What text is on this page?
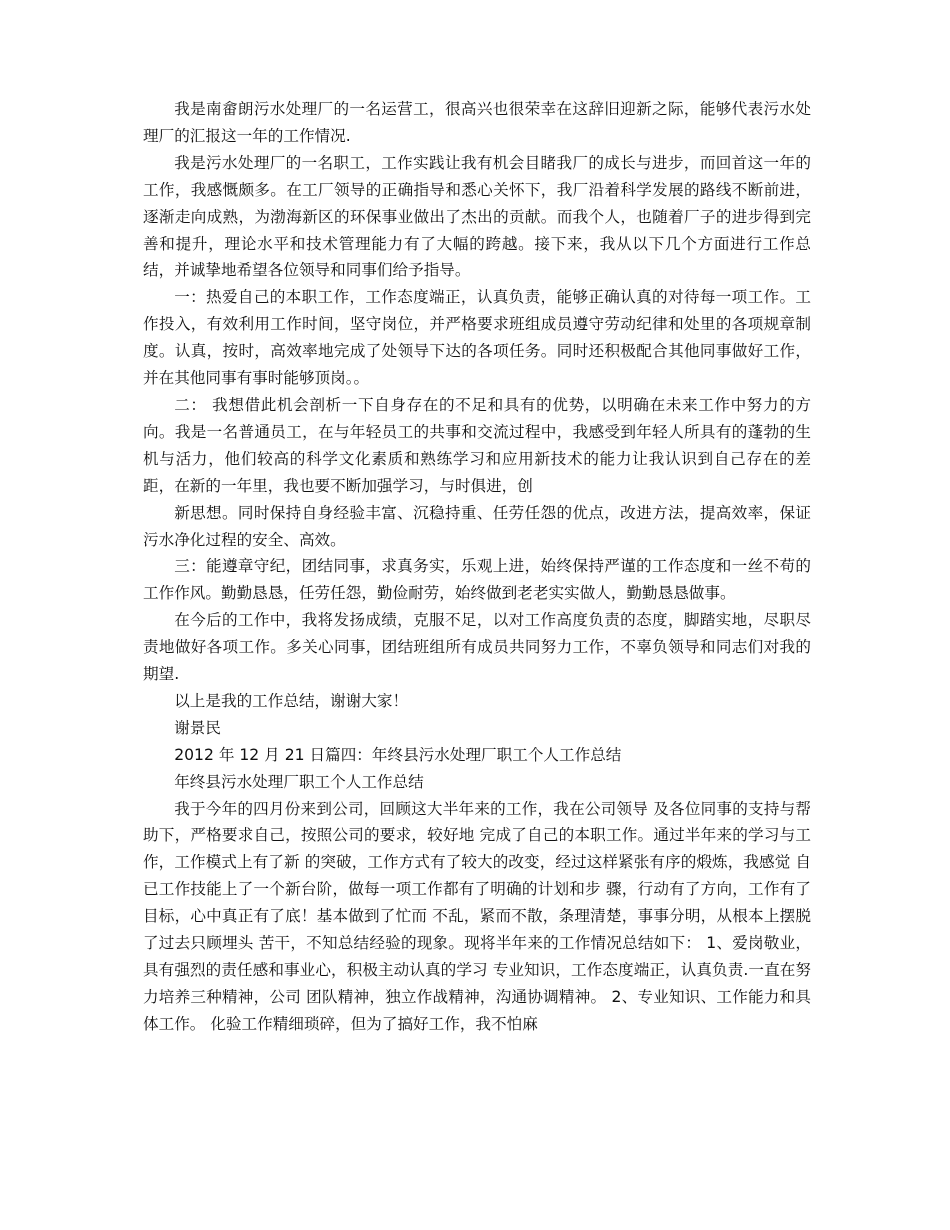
我是南畲朗污水处理厂的一名运营工，很高兴也很荣幸在这辞旧迎新之际，能够代表污水处理厂的汇报这一年的工作情况.

我是污水处理厂的一名职工，工作实践让我有机会目睹我厂的成长与进步，而回首这一年的工作，我感慨颇多。在工厂领导的正确指导和悉心关怀下，我厂沿着科学发展的路线不断前进，逐渐走向成熟，为渤海新区的环保事业做出了杰出的贡献。而我个人，也随着厂子的进步得到完善和提升，理论水平和技术管理能力有了大幅的跨越。接下来，我从以下几个方面进行工作总结，并诚挚地希望各位领导和同事们给予指导。

一：热爱自己的本职工作，工作态度端正，认真负责，能够正确认真的对待每一项工作。工作投入，有效利用工作时间，坚守岗位，并严格要求班组成员遵守劳动纪律和处里的各项规章制度。认真，按时，高效率地完成了处领导下达的各项任务。同时还积极配合其他同事做好工作，并在其他同事有事时能够顶岗。。

二： 我想借此机会剖析一下自身存在的不足和具有的优势，以明确在未来工作中努力的方向。我是一名普通员工，在与年轻员工的共事和交流过程中，我感受到年轻人所具有的蓬勃的生机与活力，他们较高的科学文化素质和熟练学习和应用新技术的能力让我认识到自己存在的差距，在新的一年里，我也要不断加强学习，与时俱进，创

新思想。同时保持自身经验丰富、沉稳持重、任劳任怨的优点，改进方法，提高效率，保证污水净化过程的安全、高效。

三：能遵章守纪，团结同事，求真务实，乐观上进，始终保持严谨的工作态度和一丝不苟的工作作风。勤勤恳恳，任劳任怨，勤俭耐劳，始终做到老老实实做人，勤勤恳恳做事。

在今后的工作中，我将发扬成绩，克服不足，以对工作高度负责的态度，脚踏实地，尽职尽责地做好各项工作。多关心同事，团结班组所有成员共同努力工作，不辜负领导和同志们对我的期望.

以上是我的工作总结，谢谢大家！

谢景民

2012 年 12 月 21 日篇四：年终县污水处理厂职工个人工作总结

年终县污水处理厂职工个人工作总结

我于今年的四月份来到公司，回顾这大半年来的工作，我在公司领导 及各位同事的支持与帮助下，严格要求自己，按照公司的要求，较好地 完成了自己的本职工作。通过半年来的学习与工作，工作模式上有了新 的突破，工作方式有了较大的改变，经过这样紧张有序的煅炼，我感觉 自已工作技能上了一个新台阶，做每一项工作都有了明确的计划和步 骤，行动有了方向，工作有了目标，心中真正有了底！基本做到了忙而 不乱，紧而不散，条理清楚，事事分明，从根本上摆脱了过去只顾埋头 苦干，不知总结经验的现象。现将半年来的工作情况总结如下： 1、爱岗敬业，具有强烈的责任感和事业心，积极主动认真的学习 专业知识，工作态度端正，认真负责.一直在努力培养三种精神，公司 团队精神，独立作战精神，沟通协调精神。 2、专业知识、工作能力和具体工作。 化验工作精细琐碎，但为了搞好工作，我不怕麻
